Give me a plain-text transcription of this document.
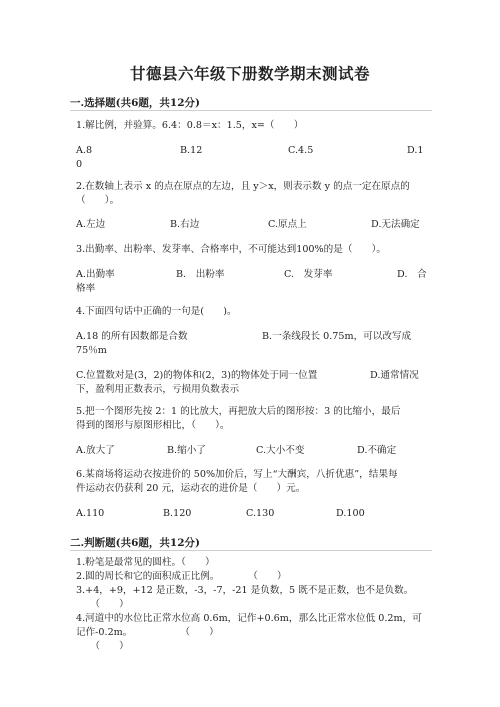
甘德县六年级下册数学期末测试卷
一.选择题(共6题，共12分)
1.解比例，并验算。6.4：0.8＝x：1.5，x=（　　）
A.8	B.12	C.4.5	D.1
0
2.在数轴上表示 x 的点在原点的左边，且 y＞x，则表示数 y 的点一定在原点的
（　　）。
A.左边	B.右边	C.原点上	D.无法确定
3.出勤率、出粉率、发芽率、合格率中，不可能达到100%的是（　　）。
A.出勤率	B.　出粉率	C.　发芽率	D.　合
格率
4.下面四句话中正确的一句是(　　)。
A.18 的所有因数都是合数	B.一条线段长 0.75m，可以改写成
75％m
C.位置数对是(3，2)的物体和(2，3)的物体处于同一位置	D.通常情况
下，盈利用正数表示，亏损用负数表示
5.把一个图形先按 2：1 的比放大，再把放大后的图形按：3 的比缩小，最后
得到的图形与原图形相比，（　　）。
A.放大了	B.缩小了	C.大小不变	D.不确定
6.某商场将运动衣按进价的 50%加价后，写上“大酬宾，八折优惠”，结果每
件运动衣仍获利 20 元，运动衣的进价是（　　）元。
A.110	B.120	C.130	D.100
二.判断题(共6题，共12分)
1.粉笔是最常见的圆柱。（　　）
2.圆的周长和它的面积成正比例。　　　　（　　）
3.+4，+9，+12 是正数，-3，-7，-21 是负数，5 既不是正数，也不是负数。
　　（　　）
4.河道中的水位比正常水位高 0.6m，记作+0.6m，那么比正常水位低 0.2m，可
记作-0.2m。　　　　　　（　　）
　　（　　）
